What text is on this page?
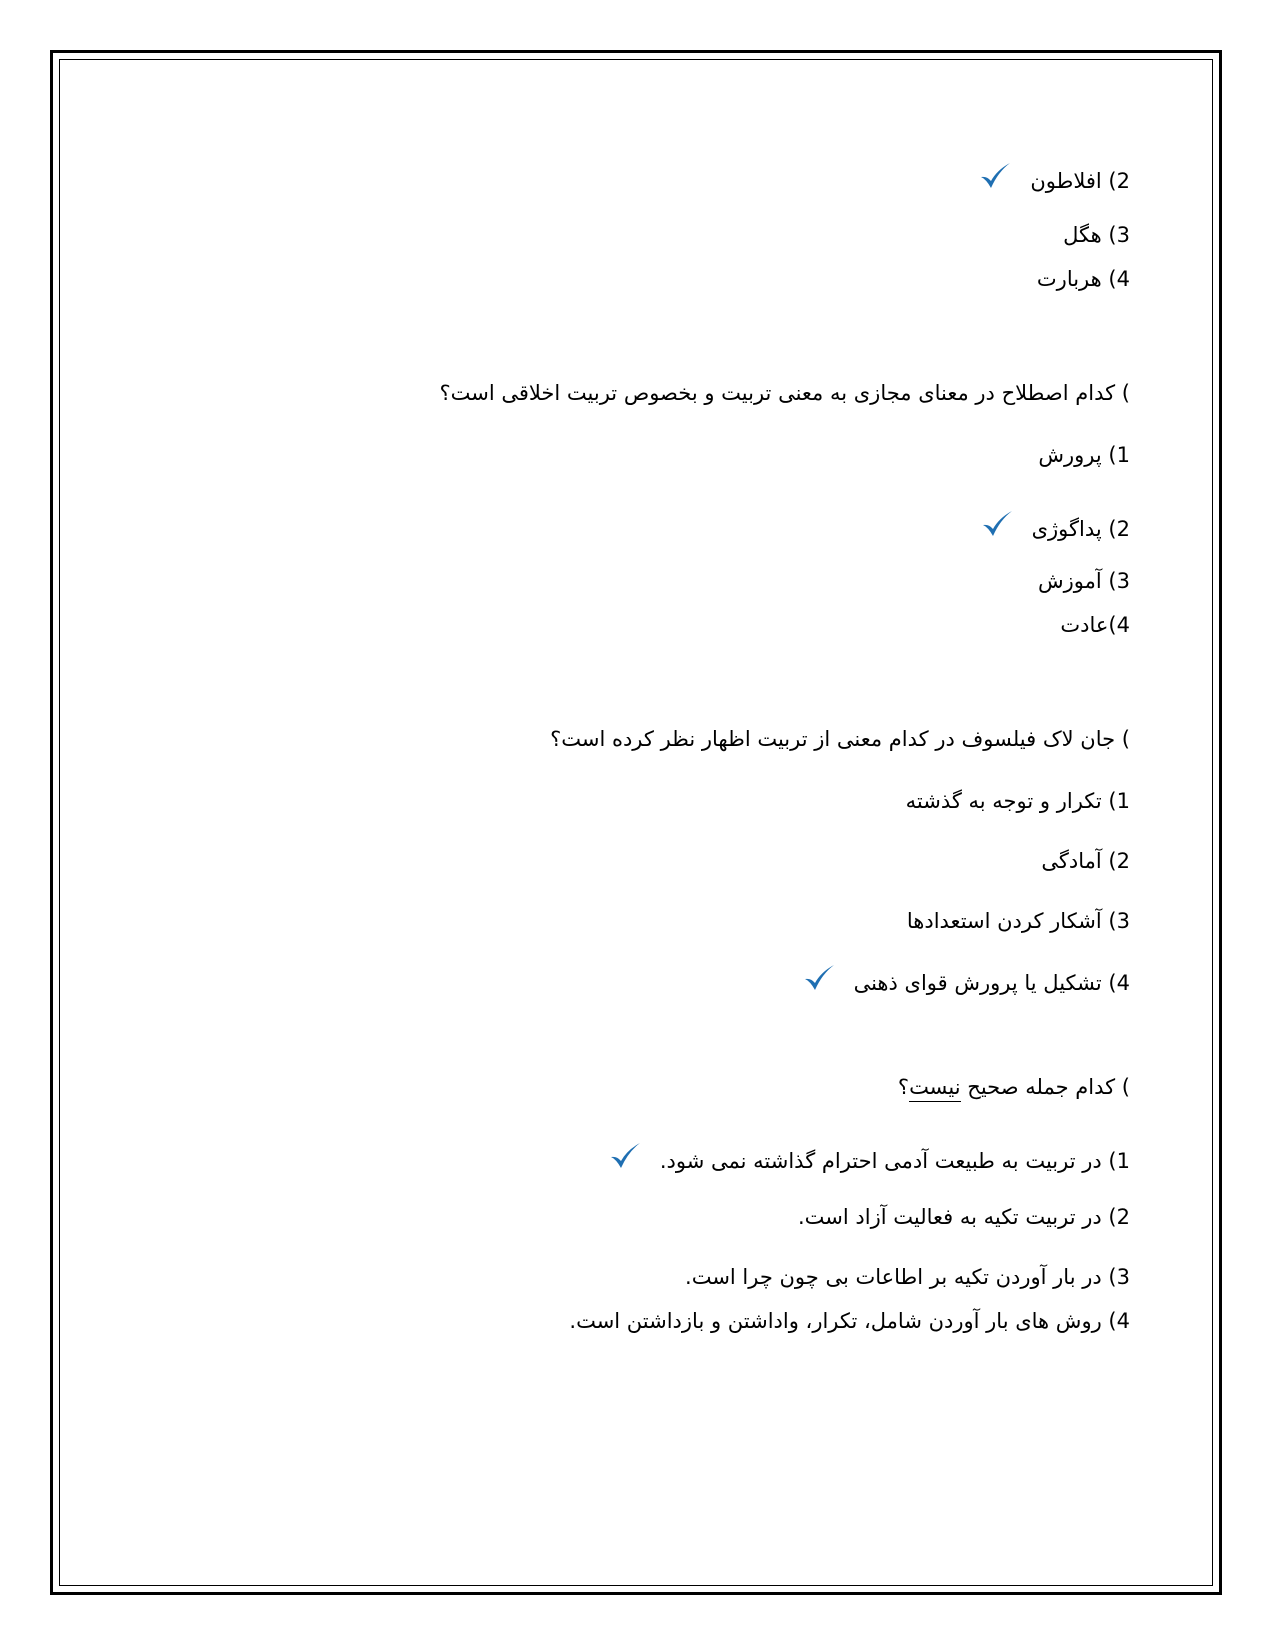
2) افلاطون
3) هگل
4) هربارت
) کدام اصطلاح در معنای مجازی به معنی تربیت و بخصوص تربیت اخلاقی است؟
1) پرورش
2) پداگوژی
3) آموزش
4)عادت
) جان لاک فیلسوف در کدام معنی از تربیت اظهار نظر کرده است؟
1) تکرار و توجه به گذشته
2) آمادگی
3) آشکار کردن استعدادها
4) تشکیل یا پرورش قوای ذهنی
) کدام جمله صحیح نیست؟
1) در تربیت به طبیعت آدمی احترام گذاشته نمی شود.
2) در تربیت تکیه به فعالیت آزاد است.
3) در بار آوردن تکیه بر اطاعات بی چون چرا است.
4) روش های بار آوردن شامل، تکرار، واداشتن و بازداشتن است.
